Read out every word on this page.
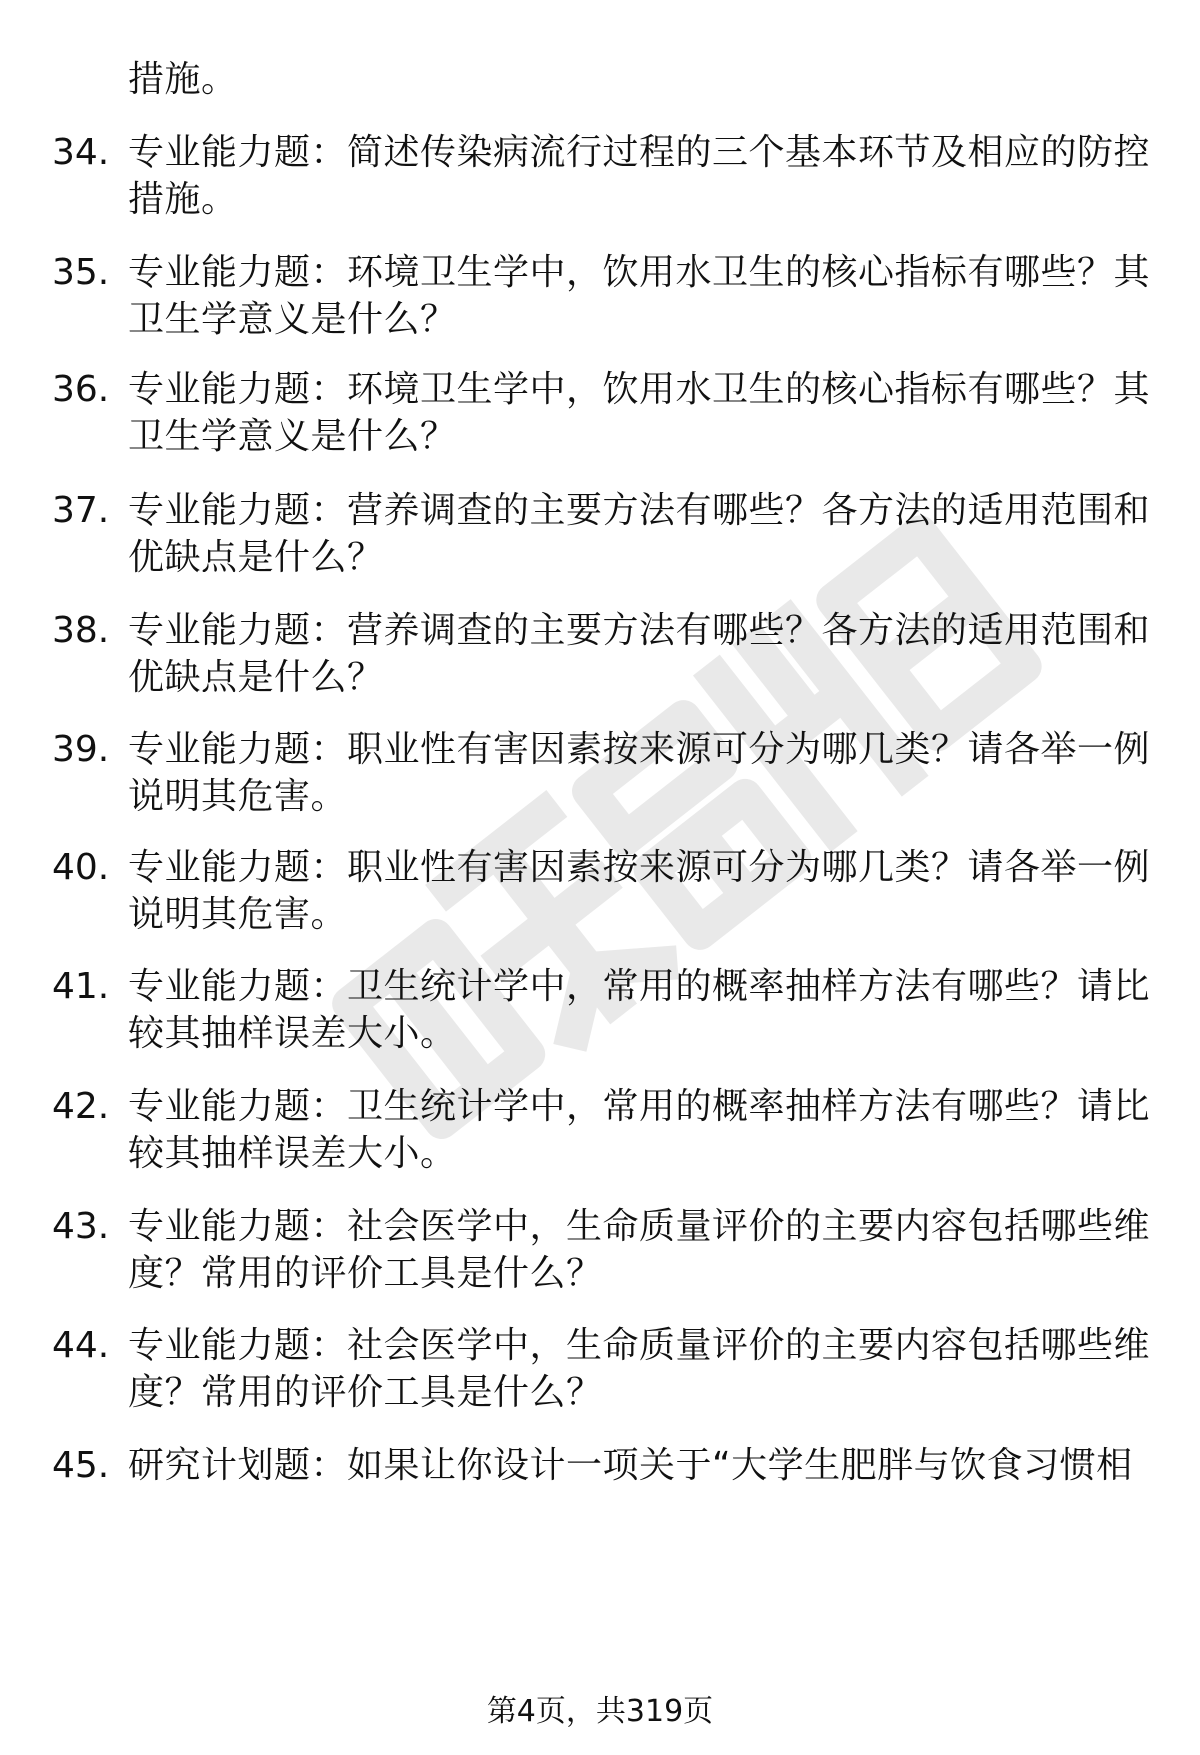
措施。
34. 专业能力题：简述传染病流行过程的三个基本环节及相应的防控
措施。
35. 专业能力题：环境卫生学中，饮用水卫生的核心指标有哪些？其
卫生学意义是什么？
36. 专业能力题：环境卫生学中，饮用水卫生的核心指标有哪些？其
卫生学意义是什么？
37. 专业能力题：营养调查的主要方法有哪些？各方法的适用范围和
优缺点是什么？
38. 专业能力题：营养调查的主要方法有哪些？各方法的适用范围和
优缺点是什么？
39. 专业能力题：职业性有害因素按来源可分为哪几类？请各举一例
说明其危害。
40. 专业能力题：职业性有害因素按来源可分为哪几类？请各举一例
说明其危害。
41. 专业能力题：卫生统计学中，常用的概率抽样方法有哪些？请比
较其抽样误差大小。
42. 专业能力题：卫生统计学中，常用的概率抽样方法有哪些？请比
较其抽样误差大小。
43. 专业能力题：社会医学中，生命质量评价的主要内容包括哪些维
度？常用的评价工具是什么？
44. 专业能力题：社会医学中，生命质量评价的主要内容包括哪些维
度？常用的评价工具是什么？
45. 研究计划题：如果让你设计一项关于“大学生肥胖与饮食习惯相
第4页，共319页
